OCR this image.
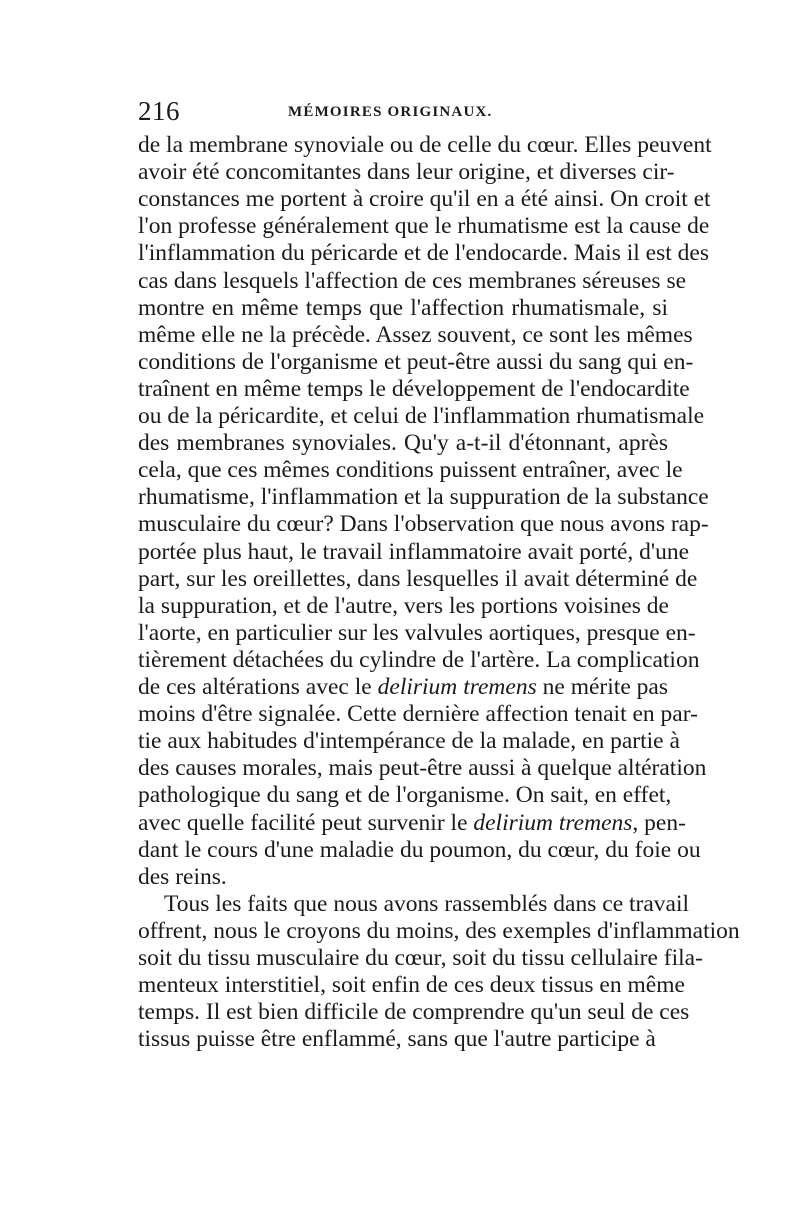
216	MÉMOIRES ORIGINAUX.
de la membrane synoviale ou de celle du cœur. Elles peuvent
avoir été concomitantes dans leur origine, et diverses cir-
constances me portent à croire qu'il en a été ainsi. On croit et
l'on professe généralement que le rhumatisme est la cause de
l'inflammation du péricarde et de l'endocarde. Mais il est des
cas dans lesquels l'affection de ces membranes séreuses se
montre en même temps que l'affection rhumatismale, si
même elle ne la précède. Assez souvent, ce sont les mêmes
conditions de l'organisme et peut-être aussi du sang qui en-
traînent en même temps le développement de l'endocardite
ou de la péricardite, et celui de l'inflammation rhumatismale
des membranes synoviales. Qu'y a-t-il d'étonnant, après
cela, que ces mêmes conditions puissent entraîner, avec le
rhumatisme, l'inflammation et la suppuration de la substance
musculaire du cœur? Dans l'observation que nous avons rap-
portée plus haut, le travail inflammatoire avait porté, d'une
part, sur les oreillettes, dans lesquelles il avait déterminé de
la suppuration, et de l'autre, vers les portions voisines de
l'aorte, en particulier sur les valvules aortiques, presque en-
tièrement détachées du cylindre de l'artère. La complication
de ces altérations avec le delirium tremens ne mérite pas
moins d'être signalée. Cette dernière affection tenait en par-
tie aux habitudes d'intempérance de la malade, en partie à
des causes morales, mais peut-être aussi à quelque altération
pathologique du sang et de l'organisme. On sait, en effet,
avec quelle facilité peut survenir le delirium tremens, pen-
dant le cours d'une maladie du poumon, du cœur, du foie ou
des reins.
Tous les faits que nous avons rassemblés dans ce travail
offrent, nous le croyons du moins, des exemples d'inflammation
soit du tissu musculaire du cœur, soit du tissu cellulaire fila-
menteux interstitiel, soit enfin de ces deux tissus en même
temps. Il est bien difficile de comprendre qu'un seul de ces
tissus puisse être enflammé, sans que l'autre participe à
